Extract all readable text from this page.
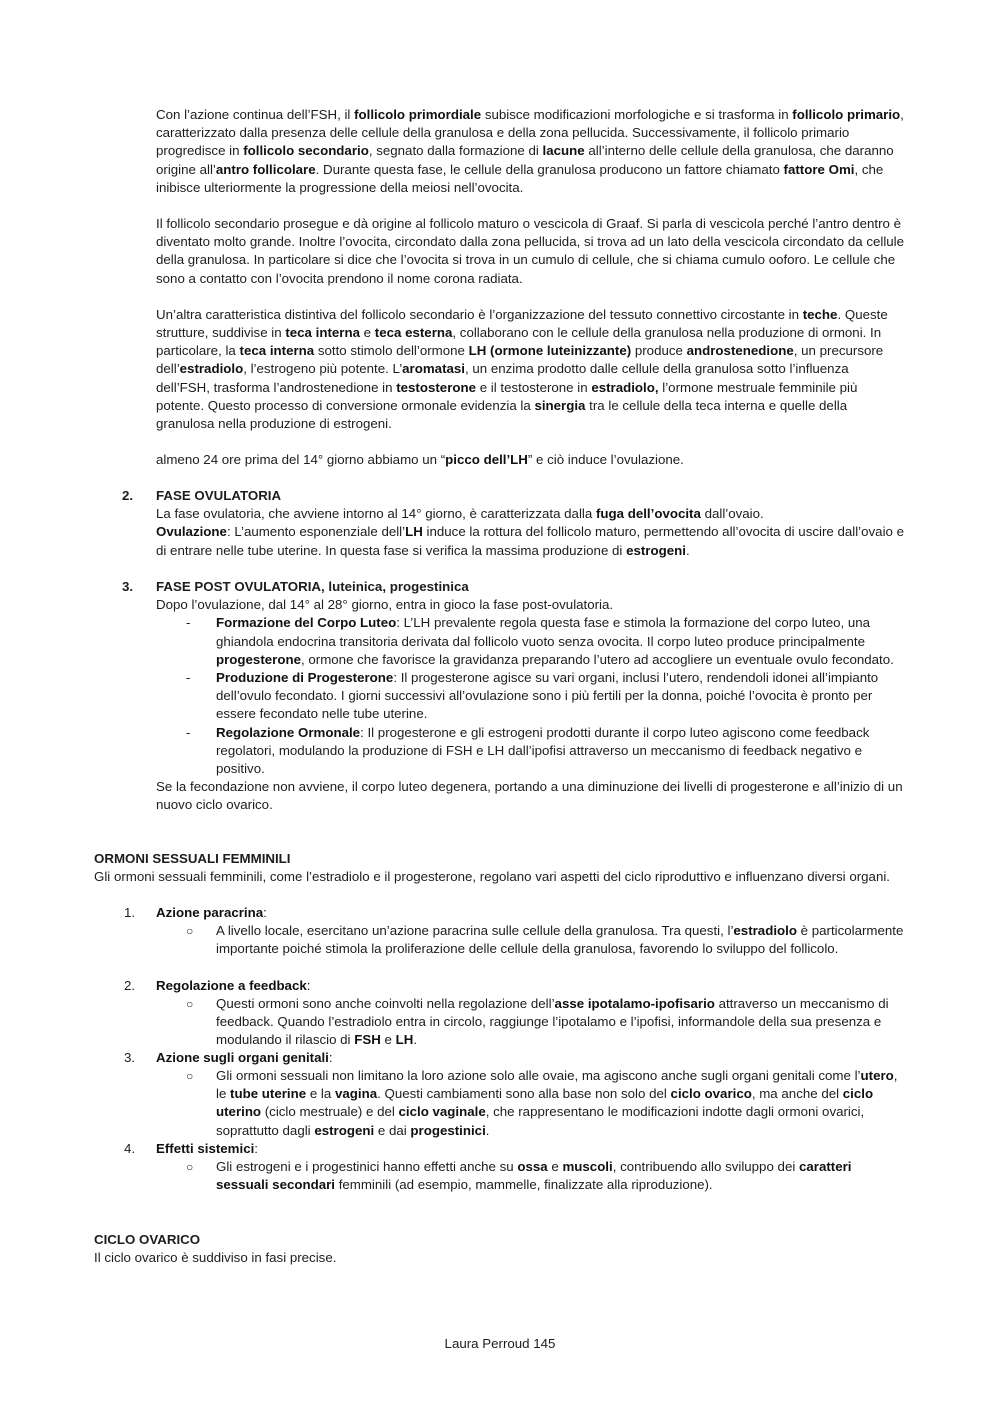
Con l’azione continua dell’FSH, il follicolo primordiale subisce modificazioni morfologiche e si trasforma in follicolo primario, caratterizzato dalla presenza delle cellule della granulosa e della zona pellucida. Successivamente, il follicolo primario progredisce in follicolo secondario, segnato dalla formazione di lacune all’interno delle cellule della granulosa, che daranno origine all’antro follicolare. Durante questa fase, le cellule della granulosa producono un fattore chiamato fattore Omi, che inibisce ulteriormente la progressione della meiosi nell’ovocita.

Il follicolo secondario prosegue e dà origine al follicolo maturo o vescicola di Graaf. Si parla di vescicola perché l’antro dentro è diventato molto grande. Inoltre l’ovocita, circondato dalla zona pellucida, si trova ad un lato della vescicola circondato da cellule della granulosa. In particolare si dice che l’ovocita si trova in un cumulo di cellule, che si chiama cumulo ooforo. Le cellule che sono a contatto con l’ovocita prendono il nome corona radiata.

Un’altra caratteristica distintiva del follicolo secondario è l’organizzazione del tessuto connettivo circostante in teche. Queste strutture, suddivise in teca interna e teca esterna, collaborano con le cellule della granulosa nella produzione di ormoni. In particolare, la teca interna sotto stimolo dell’ormone LH (ormone luteinizzante) produce androstenedione, un precursore dell’estradiolo, l’estrogeno più potente. L’aromatasi, un enzima prodotto dalle cellule della granulosa sotto l’influenza dell’FSH, trasforma l’androstenedione in testosterone e il testosterone in estradiolo, l’ormone mestruale femminile più potente. Questo processo di conversione ormonale evidenzia la sinergia tra le cellule della teca interna e quelle della granulosa nella produzione di estrogeni.

almeno 24 ore prima del 14° giorno abbiamo un “picco dell’LH” e ciò induce l’ovulazione.

2. FASE OVULATORIA
La fase ovulatoria, che avviene intorno al 14° giorno, è caratterizzata dalla fuga dell’ovocita dall’ovaio.
Ovulazione: L’aumento esponenziale dell’LH induce la rottura del follicolo maturo, permettendo all’ovocita di uscire dall’ovaio e di entrare nelle tube uterine. In questa fase si verifica la massima produzione di estrogeni.
3. FASE POST OVULATORIA, luteinica, progestinica
Dopo l’ovulazione, dal 14° al 28° giorno, entra in gioco la fase post-ovulatoria.
- Formazione del Corpo Luteo: L’LH prevalente regola questa fase e stimola la formazione del corpo luteo, una ghiandola endocrina transitoria derivata dal follicolo vuoto senza ovocita. Il corpo luteo produce principalmente progesterone, ormone che favorisce la gravidanza preparando l’utero ad accogliere un eventuale ovulo fecondato.
- Produzione di Progesterone: Il progesterone agisce su vari organi, inclusi l’utero, rendendoli idonei all’impianto dell’ovulo fecondato. I giorni successivi all’ovulazione sono i più fertili per la donna, poiché l’ovocita è pronto per essere fecondato nelle tube uterine.
- Regolazione Ormonale: Il progesterone e gli estrogeni prodotti durante il corpo luteo agiscono come feedback regolatori, modulando la produzione di FSH e LH dall’ipofisi attraverso un meccanismo di feedback negativo e positivo.
Se la fecondazione non avviene, il corpo luteo degenera, portando a una diminuzione dei livelli di progesterone e all’inizio di un nuovo ciclo ovarico.
ORMONI SESSUALI FEMMINILI
Gli ormoni sessuali femminili, come l’estradiolo e il progesterone, regolano vari aspetti del ciclo riproduttivo e influenzano diversi organi.
1. Azione paracrina:
○ A livello locale, esercitano un’azione paracrina sulle cellule della granulosa. Tra questi, l’estradiolo è particolarmente importante poiché stimola la proliferazione delle cellule della granulosa, favorendo lo sviluppo del follicolo.
2. Regolazione a feedback:
○ Questi ormoni sono anche coinvolti nella regolazione dell’asse ipotalamo-ipofisario attraverso un meccanismo di feedback. Quando l’estradiolo entra in circolo, raggiunge l’ipotalamo e l’ipofisi, informandole della sua presenza e modulando il rilascio di FSH e LH.
3. Azione sugli organi genitali:
○ Gli ormoni sessuali non limitano la loro azione solo alle ovaie, ma agiscono anche sugli organi genitali come l’utero, le tube uterine e la vagina. Questi cambiamenti sono alla base non solo del ciclo ovarico, ma anche del ciclo uterino (ciclo mestruale) e del ciclo vaginale, che rappresentano le modificazioni indotte dagli ormoni ovarici, soprattutto dagli estrogeni e dai progestinici.
4. Effetti sistemici:
○ Gli estrogeni e i progestinici hanno effetti anche su ossa e muscoli, contribuendo allo sviluppo dei caratteri sessuali secondari femminili (ad esempio, mammelle, finalizzate alla riproduzione).
CICLO OVARICO
Il ciclo ovarico è suddiviso in fasi precise.
Laura Perroud 145
